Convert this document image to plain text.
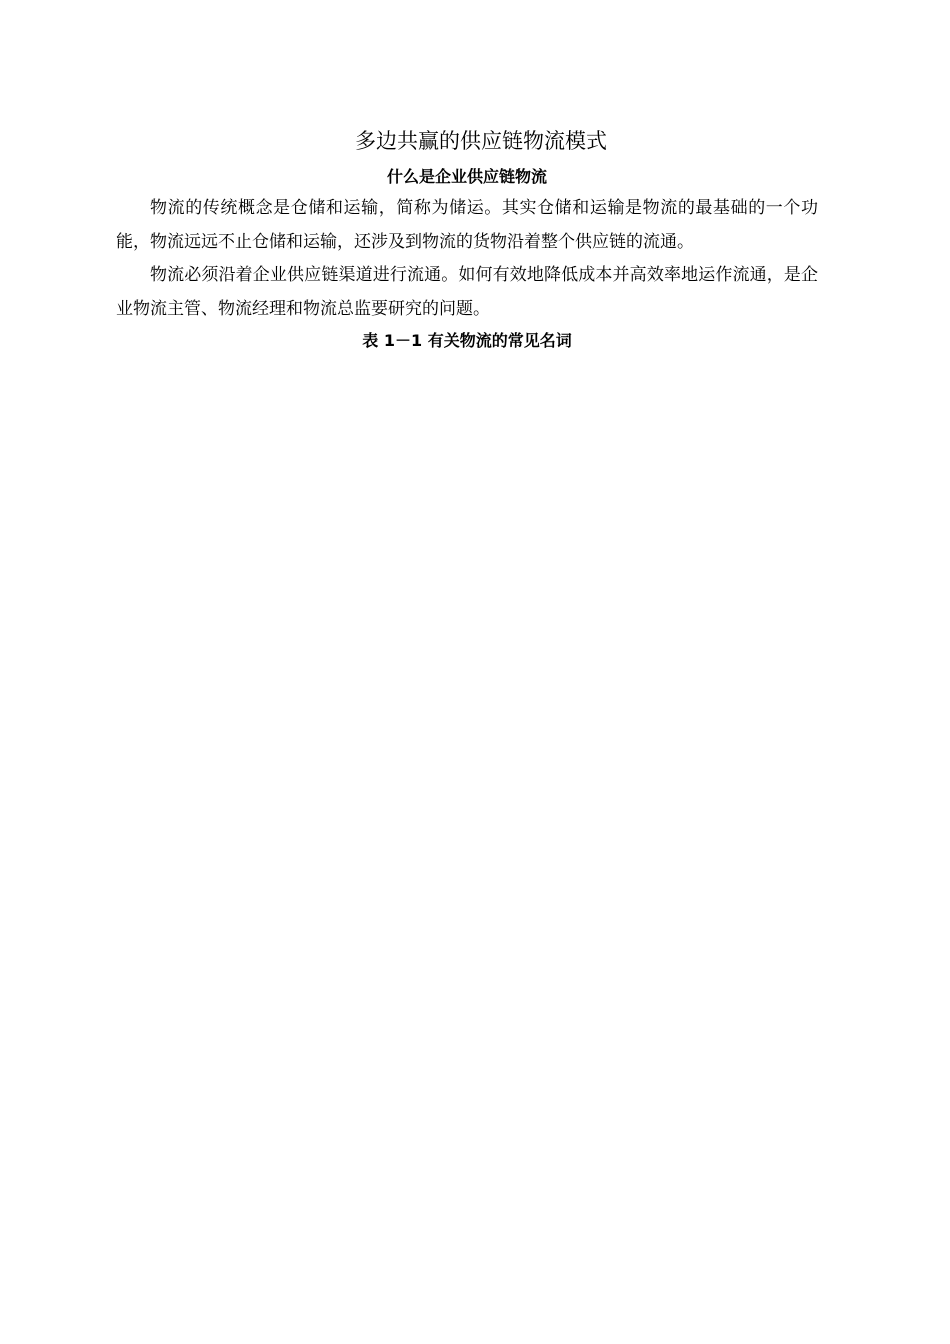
多边共赢的供应链物流模式
什么是企业供应链物流

物流的传统概念是仓储和运输，简称为储运。其实仓储和运输是物流的最基础的一个功能，物流远远不止仓储和运输，还涉及到物流的货物沿着整个供应链的流通。

物流必须沿着企业供应链渠道进行流通。如何有效地降低成本并高效率地运作流通，是企业物流主管、物流经理和物流总监要研究的问题。

表 1－1 有关物流的常见名词
